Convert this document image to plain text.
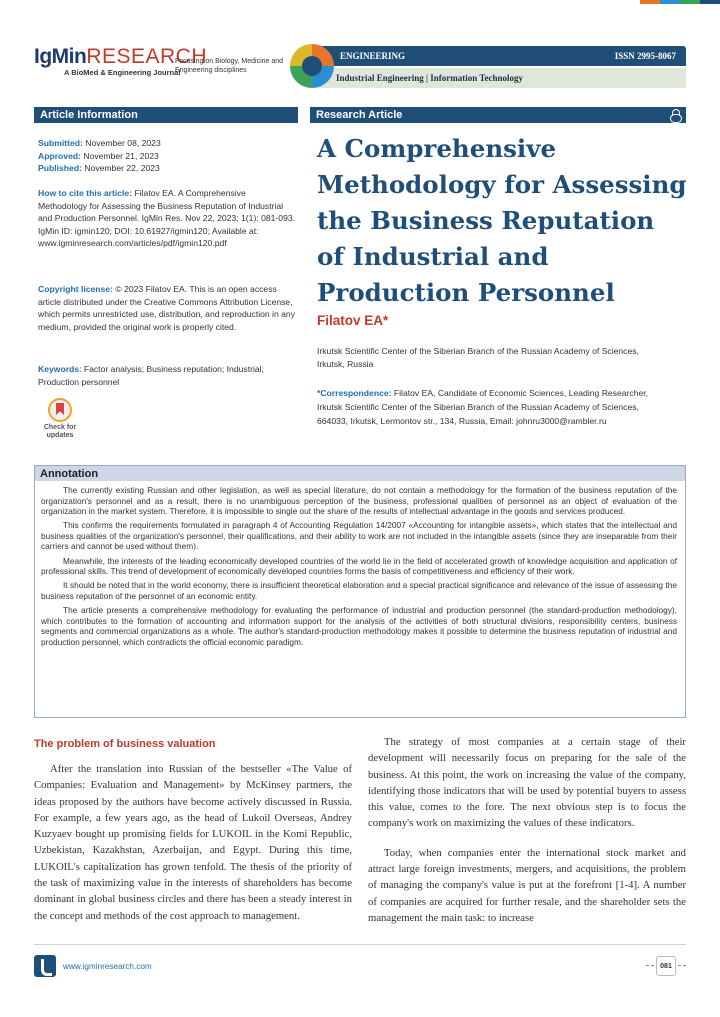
IgMinRESEARCH
A BioMed & Engineering Journal
Focusing on Biology, Medicine and Engineering disciplines
ENGINEERING	ISSN 2995-8067
Industrial Engineering | Information Technology
Article Information	Research Article
Submitted: November 08, 2023
Approved: November 21, 2023
Published: November 22, 2023
How to cite this article: Filatov EA. A Comprehensive Methodology for Assessing the Business Reputation of Industrial and Production Personnel. IgMin Res. Nov 22, 2023; 1(1): 081-093. IgMin ID: igmin120; DOI: 10.61927/igmin120; Available at: www.igminresearch.com/articles/pdf/igmin120.pdf
Copyright license: © 2023 Filatov EA. This is an open access article distributed under the Creative Commons Attribution License, which permits unrestricted use, distribution, and reproduction in any medium, provided the original work is properly cited.
Keywords: Factor analysis; Business reputation; Industrial; Production personnel
Check for updates
A Comprehensive Methodology for Assessing the Business Reputation of Industrial and Production Personnel
Filatov EA*
Irkutsk Scientific Center of the Siberian Branch of the Russian Academy of Sciences, Irkutsk, Russia
*Correspondence: Filatov EA, Candidate of Economic Sciences, Leading Researcher, Irkutsk Scientific Center of the Siberian Branch of the Russian Academy of Sciences, 664033, Irkutsk, Lermontov str., 134, Russia, Email: johnru3000@rambler.ru
Annotation

The currently existing Russian and other legislation, as well as special literature, do not contain a methodology for the formation of the business reputation of the organization's personnel and as a result, there is no unambiguous perception of the business, professional qualities of personnel as an object of evaluation of the organization in the market system. Therefore, it is impossible to single out the share of the results of intellectual advantage in the goods and services produced.

This confirms the requirements formulated in paragraph 4 of Accounting Regulation 14/2007 «Accounting for intangible assets», which states that the intellectual and business qualities of the organization's personnel, their qualifications, and their ability to work are not included in the intangible assets (since they are inseparable from their carriers and cannot be used without them).

Meanwhile, the interests of the leading economically developed countries of the world lie in the field of accelerated growth of knowledge acquisition and application of professional skills. This trend of development of economically developed countries forms the basis of competitiveness and efficiency of their work.

It should be noted that in the world economy, there is insufficient theoretical elaboration and a special practical significance and relevance of the issue of assessing the business reputation of the personnel of an economic entity.

The article presents a comprehensive methodology for evaluating the performance of industrial and production personnel (the standard-production methodology), which contributes to the formation of accounting and information support for the analysis of the activities of both structural divisions, responsibility centers, business segments and commercial organizations as a whole. The author's standard-production methodology makes it possible to determine the business reputation of industrial and production personnel, which contradicts the official economic paradigm.

The problem of business valuation

After the translation into Russian of the bestseller «The Value of Companies: Evaluation and Management» by McKinsey partners, the ideas proposed by the authors have become actively discussed in Russia. For example, a few years ago, as the head of Lukoil Overseas, Andrey Kuzyaev bought up promising fields for LUKOIL in the Komi Republic, Uzbekistan, Kazakhstan, Azerbaijan, and Egypt. During this time, LUKOIL's capitalization has grown tenfold. The thesis of the priority of the task of maximizing value in the interests of shareholders has become dominant in global business circles and there has been a steady interest in the concept and methods of the cost approach to management.

The strategy of most companies at a certain stage of their development will necessarily focus on preparing for the sale of the business. At this point, the work on increasing the value of the company, identifying those indicators that will be used by potential buyers to assess this value, comes to the fore. The next obvious step is to focus the company's work on maximizing the values of these indicators.

Today, when companies enter the international stock market and attract large foreign investments, mergers, and acquisitions, the problem of managing the company's value is put at the forefront [1-4]. A number of companies are acquired for further resale, and the shareholder sets the management the main task: to increase

www.igminresearch.com	081
